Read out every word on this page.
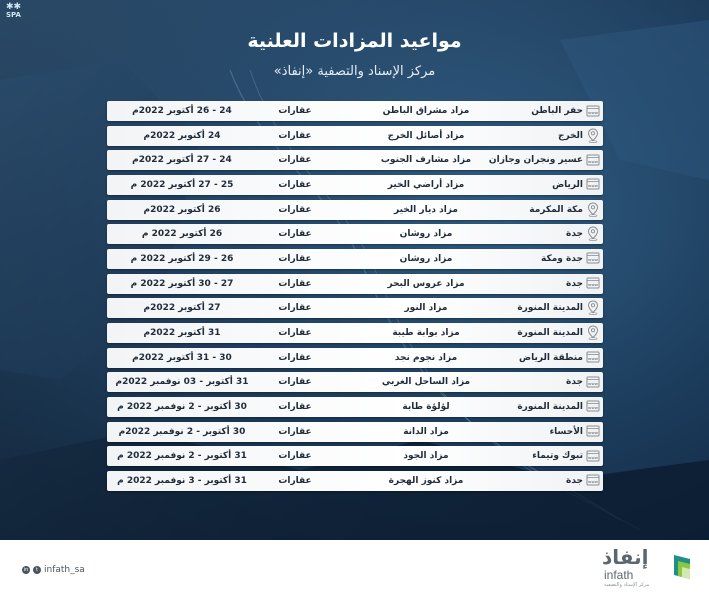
✱✱
SPA
مواعيد المزادات العلنية
مركز الإسناد والتصفية «إنفاذ»
www
حفر الباطن
مزاد مشراق الباطن
عقارات
24 - 26 أكتوبر 2022م
الخرج
مزاد أصائل الخرج
عقارات
24 أكتوبر 2022م
www
عسير ونجران وجازان
مزاد مشارف الجنوب
عقارات
24 - 27 أكتوبر 2022م
www
الرياض
مزاد أراضي الخير
عقارات
25 - 27 أكتوبر 2022 م
مكة المكرمة
مزاد ديار الخير
عقارات
26 أكتوبر 2022م
جدة
مزاد روشان
عقارات
26 أكتوبر 2022 م
www
جدة ومكة
مزاد روشان
عقارات
26 - 29 أكتوبر 2022 م
www
جدة
مزاد عروس البحر
عقارات
27 - 30 أكتوبر 2022 م
المدينة المنورة
مزاد النور
عقارات
27 أكتوبر 2022م
المدينة المنورة
مزاد بوابة طيبة
عقارات
31 أكتوبر 2022م
www
منطقة الرياض
مزاد نجوم نجد
عقارات
30 - 31 أكتوبر 2022م
www
جدة
مزاد الساحل الغربي
عقارات
31 أكتوبر - 03 نوفمبر 2022م
www
المدينة المنورة
لؤلؤة طابة
عقارات
30 أكتوبر - 2 نوفمبر 2022 م
www
الأحساء
مزاد الدانة
عقارات
30 أكتوبر - 2 نوفمبر 2022م
www
تبوك وتيماء
مزاد الجود
عقارات
31 أكتوبر - 2 نوفمبر 2022 م
www
جدة
مزاد كنوز الهجرة
عقارات
31 أكتوبر - 3 نوفمبر 2022 م
in	t infath_sa
إنفاذ
infath
مركز الإسناد والتصفية
